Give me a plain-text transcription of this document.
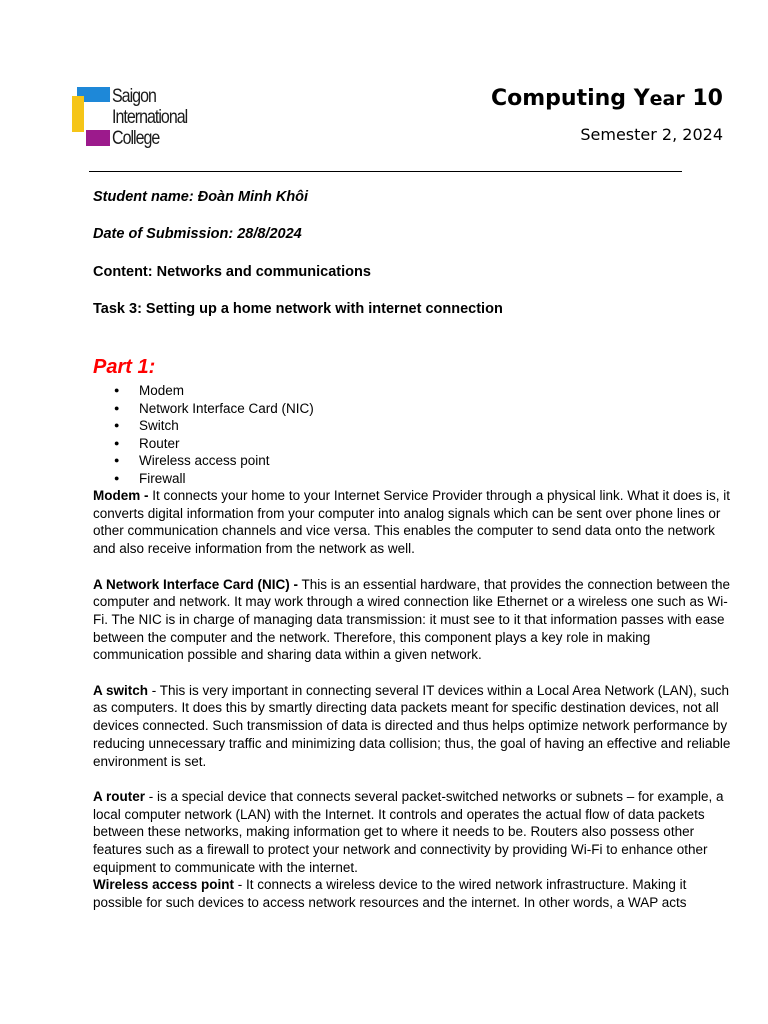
Saigon
International
College
Computing Year 10
Semester 2, 2024
Student name: Đoàn Minh Khôi
Date of Submission: 28/8/2024
Content: Networks and communications
Task 3: Setting up a home network with internet connection
Part 1:
● Modem
● Network Interface Card (NIC)
● Switch
● Router
● Wireless access point
● Firewall

Modem - It connects your home to your Internet Service Provider through a physical link. What it does is, it converts digital information from your computer into analog signals which can be sent over phone lines or other communication channels and vice versa. This enables the computer to send data onto the network and also receive information from the network as well.

A Network Interface Card (NIC) - This is an essential hardware, that provides the connection between the computer and network. It may work through a wired connection like Ethernet or a wireless one such as Wi-Fi. The NIC is in charge of managing data transmission: it must see to it that information passes with ease between the computer and the network. Therefore, this component plays a key role in making communication possible and sharing data within a given network.

A switch - This is very important in connecting several IT devices within a Local Area Network (LAN), such as computers. It does this by smartly directing data packets meant for specific destination devices, not all devices connected. Such transmission of data is directed and thus helps optimize network performance by reducing unnecessary traffic and minimizing data collision; thus, the goal of having an effective and reliable environment is set.

A router - is a special device that connects several packet-switched networks or subnets – for example, a local computer network (LAN) with the Internet. It controls and operates the actual flow of data packets between these networks, making information get to where it needs to be. Routers also possess other features such as a firewall to protect your network and connectivity by providing Wi-Fi to enhance other equipment to communicate with the internet.

Wireless access point - It connects a wireless device to the wired network infrastructure. Making it possible for such devices to access network resources and the internet. In other words, a WAP acts
